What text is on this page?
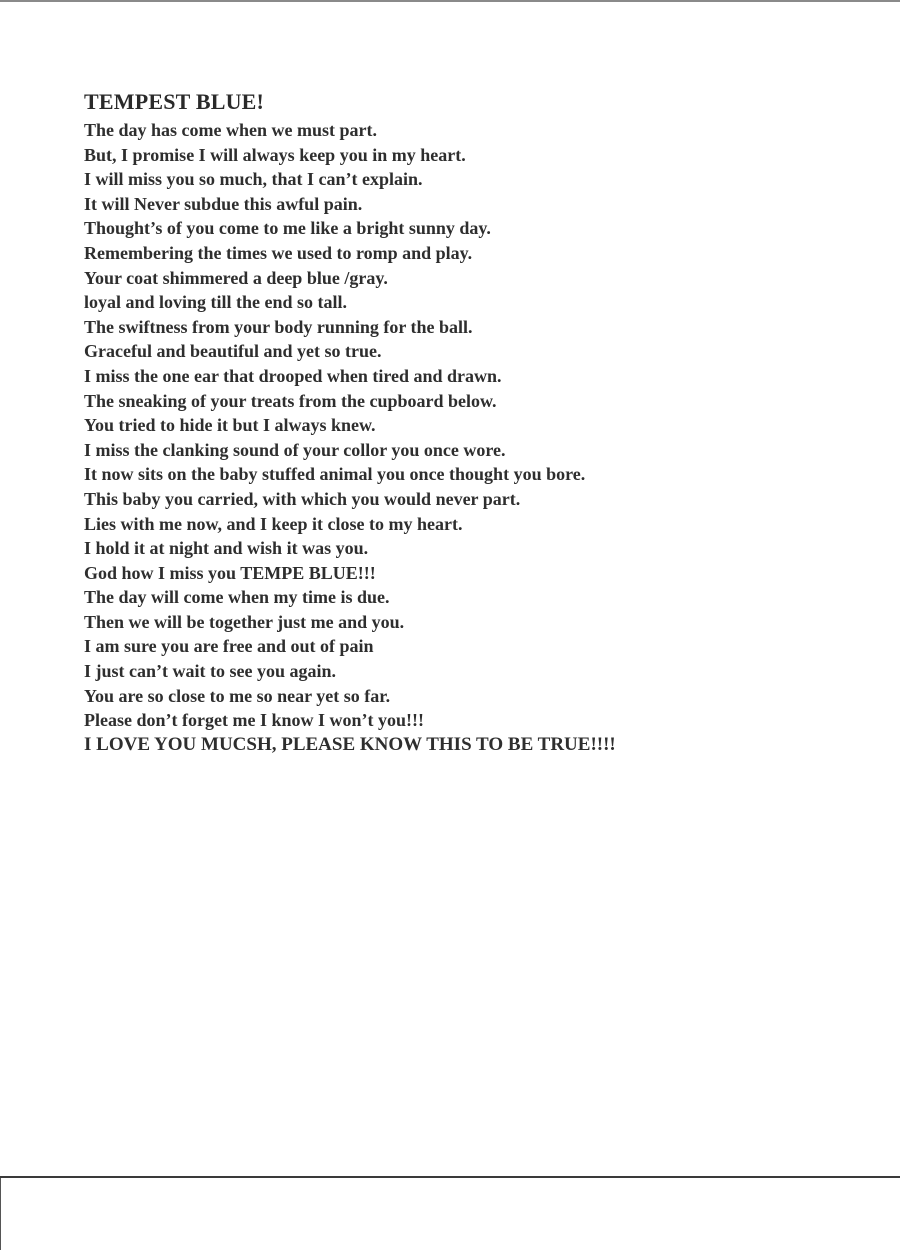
TEMPEST BLUE!
The day has come when we must part.
But, I promise I will always keep you in my heart.
I will miss you so much, that I can’t explain.
It will Never subdue this awful pain.
Thought’s of you come to me like a bright sunny day.
Remembering the times we used to romp and play.
Your coat shimmered a deep blue /gray.
loyal and loving till the end so tall.
The swiftness from your body running for the ball.
Graceful and beautiful and yet so true.
I miss the one ear that drooped when tired and drawn.
The sneaking of your treats from the cupboard below.
You tried to hide it but I always knew.
I miss the clanking sound of your collor you once wore.
It now sits on the baby stuffed animal you once thought you bore.
This baby you carried, with which you would never part.
Lies with me now, and I keep it close to my heart.
I hold it at night and wish it was you.
God how I miss you TEMPE BLUE!!!
The day will come when my time is due.
Then we will be together just me and you.
I am sure you are free and out of pain
I just can’t wait to see you again.
You are so close to me so near yet so far.
Please don’t forget me I know I won’t you!!!
I LOVE YOU MUCSH, PLEASE KNOW THIS TO BE TRUE!!!!
